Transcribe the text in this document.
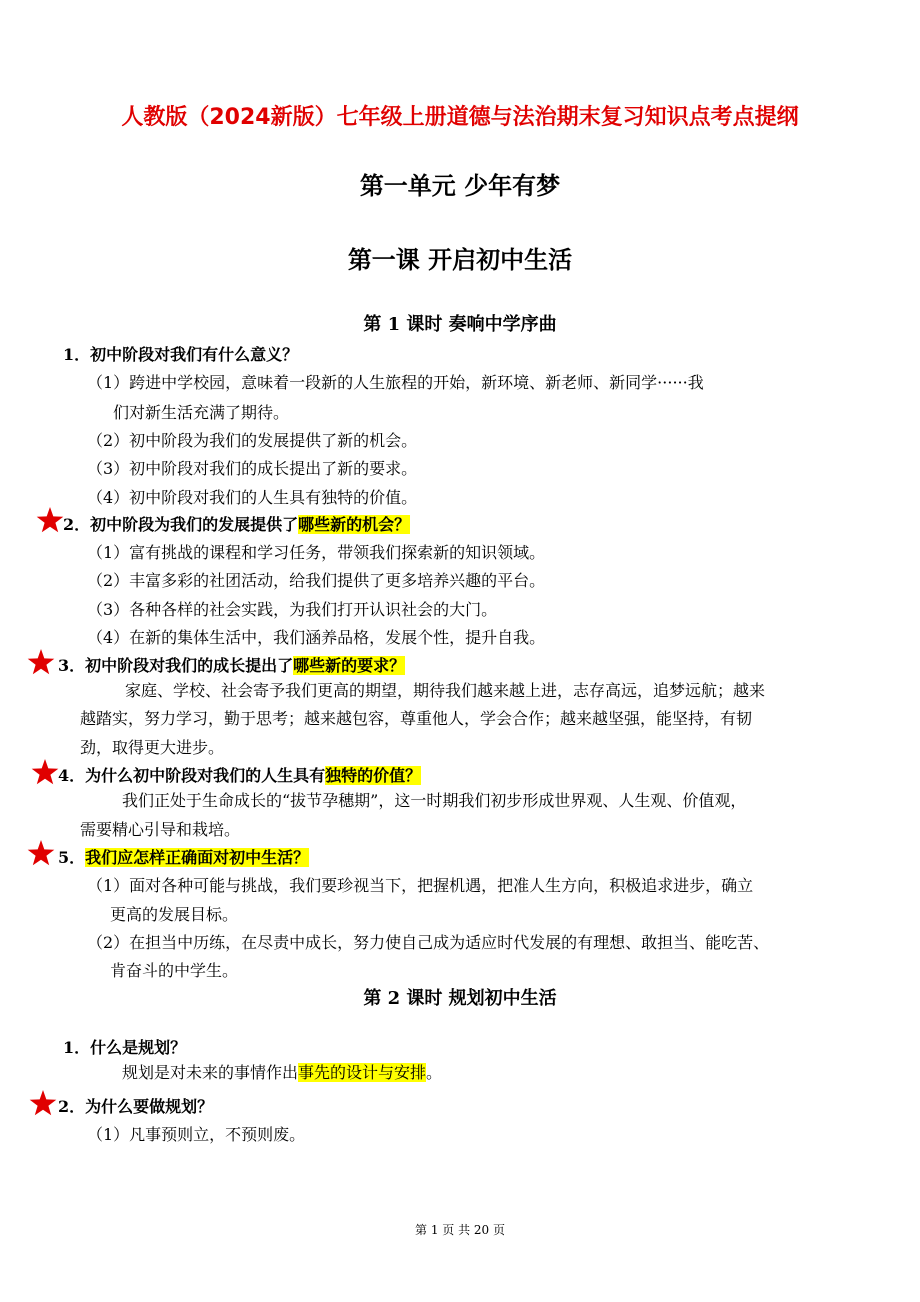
人教版（2024新版）七年级上册道德与法治期末复习知识点考点提纲
第一单元 少年有梦
第一课 开启初中生活
第 1 课时 奏响中学序曲
1．初中阶段对我们有什么意义？
（1）跨进中学校园，意味着一段新的人生旅程的开始，新环境、新老师、新同学······我
们对新生活充满了期待。
（2）初中阶段为我们的发展提供了新的机会。
（3）初中阶段对我们的成长提出了新的要求。
（4）初中阶段对我们的人生具有独特的价值。
2．初中阶段为我们的发展提供了哪些新的机会？
（1）富有挑战的课程和学习任务，带领我们探索新的知识领域。
（2）丰富多彩的社团活动，给我们提供了更多培养兴趣的平台。
（3）各种各样的社会实践，为我们打开认识社会的大门。
（4）在新的集体生活中，我们涵养品格，发展个性，提升自我。
3．初中阶段对我们的成长提出了哪些新的要求？
家庭、学校、社会寄予我们更高的期望，期待我们越来越上进，志存高远，追梦远航；越来
越踏实，努力学习，勤于思考；越来越包容，尊重他人，学会合作；越来越坚强，能坚持，有韧
劲，取得更大进步。
4．为什么初中阶段对我们的人生具有独特的价值？
我们正处于生命成长的“拔节孕穗期”，这一时期我们初步形成世界观、人生观、价值观，
需要精心引导和栽培。
5．我们应怎样正确面对初中生活？
（1）面对各种可能与挑战，我们要珍视当下，把握机遇，把准人生方向，积极追求进步，确立
更高的发展目标。
（2）在担当中历练，在尽责中成长，努力使自己成为适应时代发展的有理想、敢担当、能吃苦、
肯奋斗的中学生。
第 2 课时 规划初中生活
1．什么是规划？
规划是对未来的事情作出事先的设计与安排。
2．为什么要做规划？
（1）凡事预则立，不预则废。
第 1 页 共 20 页
